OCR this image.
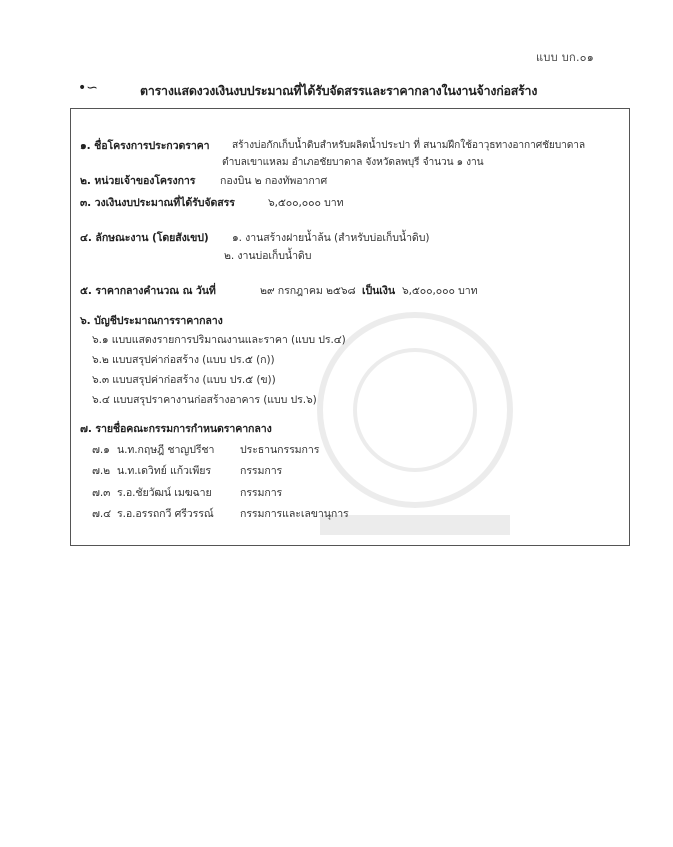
แบบ บก.๐๑
•∽	ตารางแสดงวงเงินงบประมาณที่ได้รับจัดสรรและราคากลางในงานจ้างก่อสร้าง
๑. ชื่อโครงการประกวดราคา สร้างบ่อกักเก็บน้ำดิบสำหรับผลิตน้ำประปา ที่ สนามฝึกใช้อาวุธทางอากาศชัยบาดาล
ตำบลเขาแหลม อำเภอชัยบาดาล จังหวัดลพบุรี จำนวน ๑ งาน
๒. หน่วยเจ้าของโครงการ กองบิน ๒ กองทัพอากาศ
๓. วงเงินงบประมาณที่ได้รับจัดสรร	๖,๕๐๐,๐๐๐ บาท
๔. ลักษณะงาน (โดยสังเขป) ๑. งานสร้างฝายน้ำล้น (สำหรับบ่อเก็บน้ำดิบ)
๒. งานบ่อเก็บน้ำดิบ
๕. ราคากลางคำนวณ ณ วันที่	๒๙ กรกฎาคม ๒๕๖๘ เป็นเงิน ๖,๕๐๐,๐๐๐ บาท
๖. บัญชีประมาณการราคากลาง
๖.๑ แบบแสดงรายการปริมาณงานและราคา (แบบ ปร.๔)
๖.๒ แบบสรุปค่าก่อสร้าง (แบบ ปร.๕ (ก))
๖.๓ แบบสรุปค่าก่อสร้าง (แบบ ปร.๕ (ข))
๖.๔ แบบสรุปราคางานก่อสร้างอาคาร (แบบ ปร.๖)
๗. รายชื่อคณะกรรมการกำหนดราคากลาง
๗.๑ น.ท.กฤษฎี ชาญปรีชา ประธานกรรมการ
๗.๒ น.ท.เดวิทย์ แก้วเพียร	กรรมการ
๗.๓ ร.อ.ชัยวัฒน์ เมฆฉาย	กรรมการ
๗.๔ ร.อ.อรรถกวี ศรีวรรณ์ กรรมการและเลขานุการ
